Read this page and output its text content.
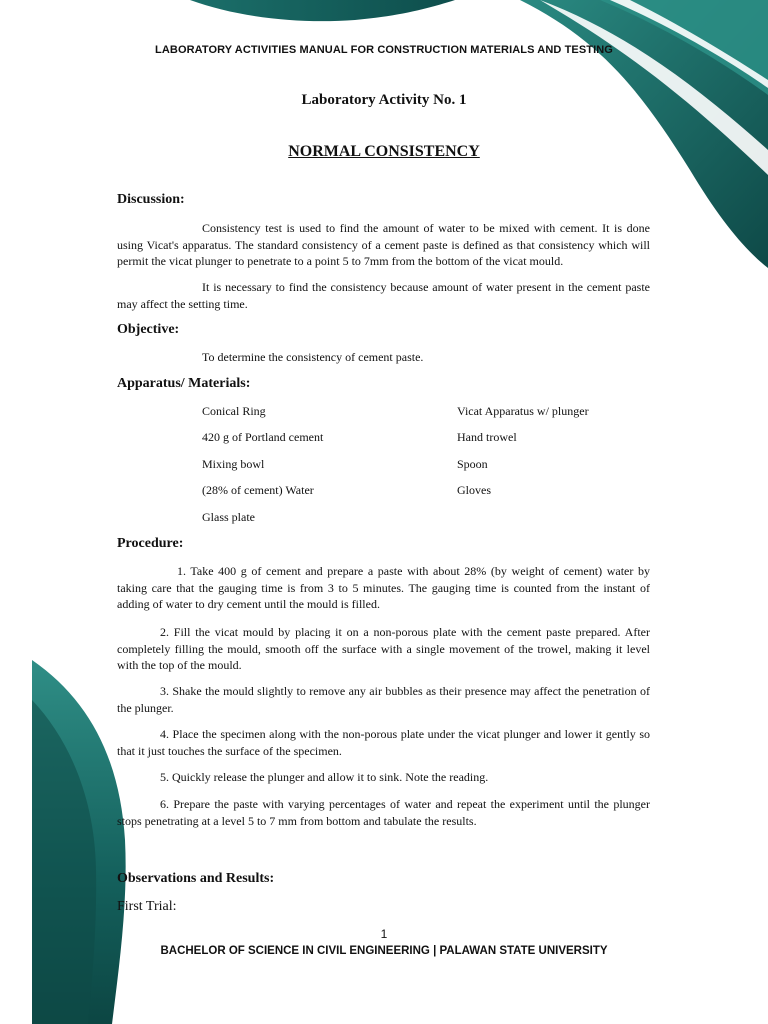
LABORATORY ACTIVITIES MANUAL FOR CONSTRUCTION MATERIALS AND TESTING
Laboratory Activity No. 1
NORMAL CONSISTENCY
Discussion:
Consistency test is used to find the amount of water to be mixed with cement. It is done using Vicat's apparatus. The standard consistency of a cement paste is defined as that consistency which will permit the vicat plunger to penetrate to a point 5 to 7mm from the bottom of the vicat mould.
It is necessary to find the consistency because amount of water present in the cement paste may affect the setting time.
Objective:
To determine the consistency of cement paste.
Apparatus/ Materials:
Conical Ring
420 g of Portland cement
Mixing bowl
(28% of cement) Water
Glass plate
Vicat Apparatus w/ plunger
Hand trowel
Spoon
Gloves
Procedure:
1. Take 400 g of cement and prepare a paste with about 28% (by weight of cement) water by taking care that the gauging time is from 3 to 5 minutes. The gauging time is counted from the instant of adding of water to dry cement until the mould is filled.
2. Fill the vicat mould by placing it on a non-porous plate with the cement paste prepared. After completely filling the mould, smooth off the surface with a single movement of the trowel, making it level with the top of the mould.
3. Shake the mould slightly to remove any air bubbles as their presence may affect the penetration of the plunger.
4. Place the specimen along with the non-porous plate under the vicat plunger and lower it gently so that it just touches the surface of the specimen.
5. Quickly release the plunger and allow it to sink. Note the reading.
6. Prepare the paste with varying percentages of water and repeat the experiment until the plunger stops penetrating at a level 5 to 7 mm from bottom and tabulate the results.
Observations and Results:
First Trial:
1
BACHELOR OF SCIENCE IN CIVIL ENGINEERING | PALAWAN STATE UNIVERSITY
